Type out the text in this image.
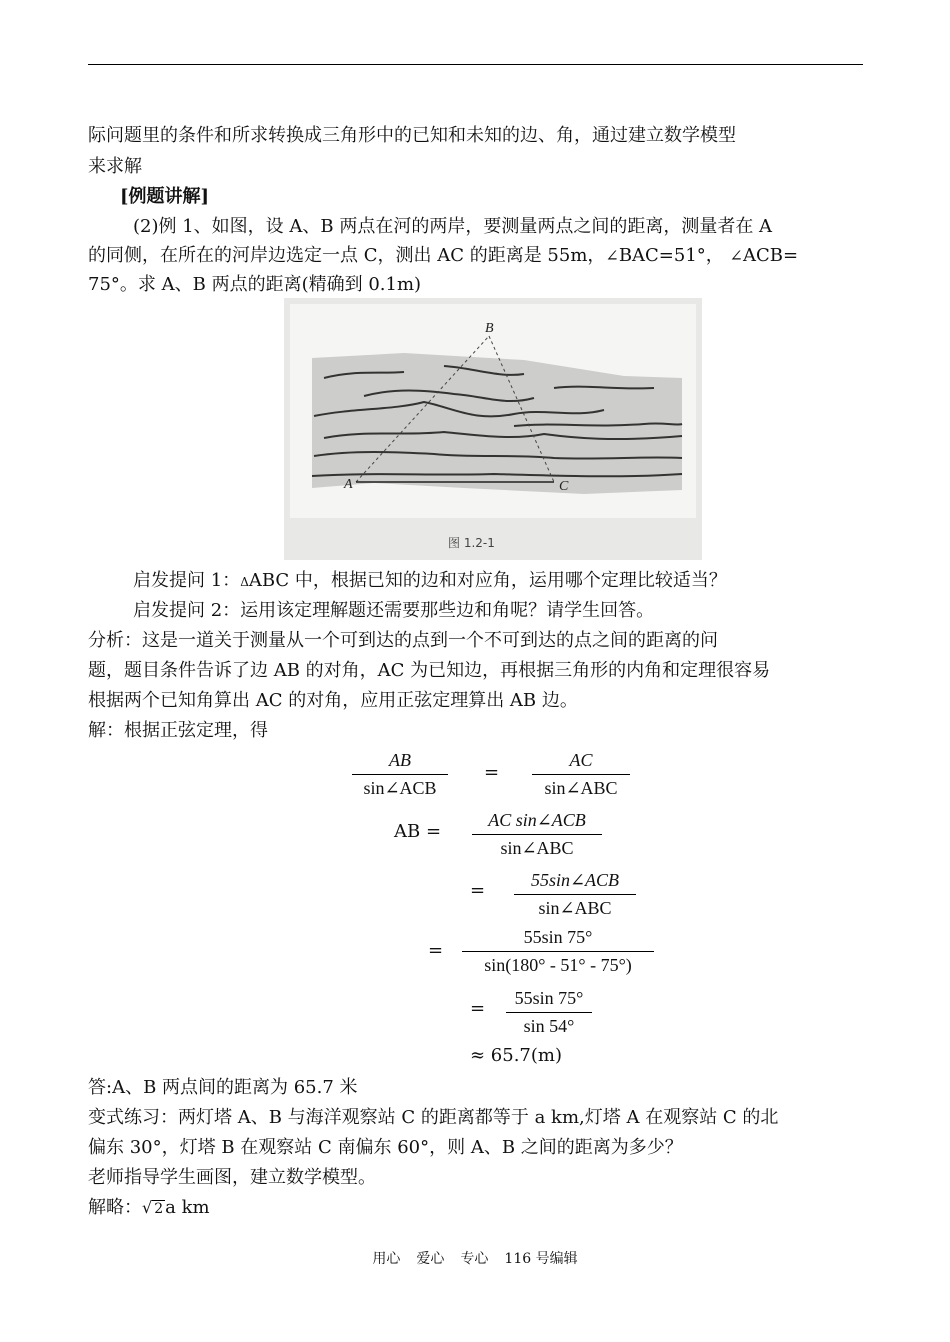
际问题里的条件和所求转换成三角形中的已知和未知的边、角，通过建立数学模型
来求解
[例题讲解]
(2)例 1、如图，设 A、B 两点在河的两岸，要测量两点之间的距离，测量者在 A
的同侧，在所在的河岸边选定一点 C，测出 AC 的距离是 55m，∠BAC=51°， ∠ACB=
75°。求 A、B 两点的距离(精确到 0.1m)
A
B
C
图 1.2-1
启发提问 1：ΔABC 中，根据已知的边和对应角，运用哪个定理比较适当？
启发提问 2：运用该定理解题还需要那些边和角呢？请学生回答。
分析：这是一道关于测量从一个可到达的点到一个不可到达的点之间的距离的问
题，题目条件告诉了边 AB 的对角，AC 为已知边，再根据三角形的内角和定理很容易
根据两个已知角算出 AC 的对角，应用正弦定理算出 AB 边。
解：根据正弦定理，得
AB
sin∠ACB
=
AC
sin∠ABC
AB =
AC sin∠ACB
sin∠ABC
=	55sin∠ACB
sin∠ABC
= $\frac{55\sin 75^\circ}{\sin(180^\circ - 51^\circ - 75^\circ)}$
= $\frac{55\sin 75^\circ}{\sin 54^\circ}$
≈ 65.7(m)
答:A、B 两点间的距离为 65.7 米
变式练习：两灯塔 A、B 与海洋观察站 C 的距离都等于 a km,灯塔 A 在观察站 C 的北
偏东 30°，灯塔 B 在观察站 C 南偏东 60°，则 A、B 之间的距离为多少？
老师指导学生画图，建立数学模型。
解略：√ 2 a km
用心 爱心 专心 116 号编辑
